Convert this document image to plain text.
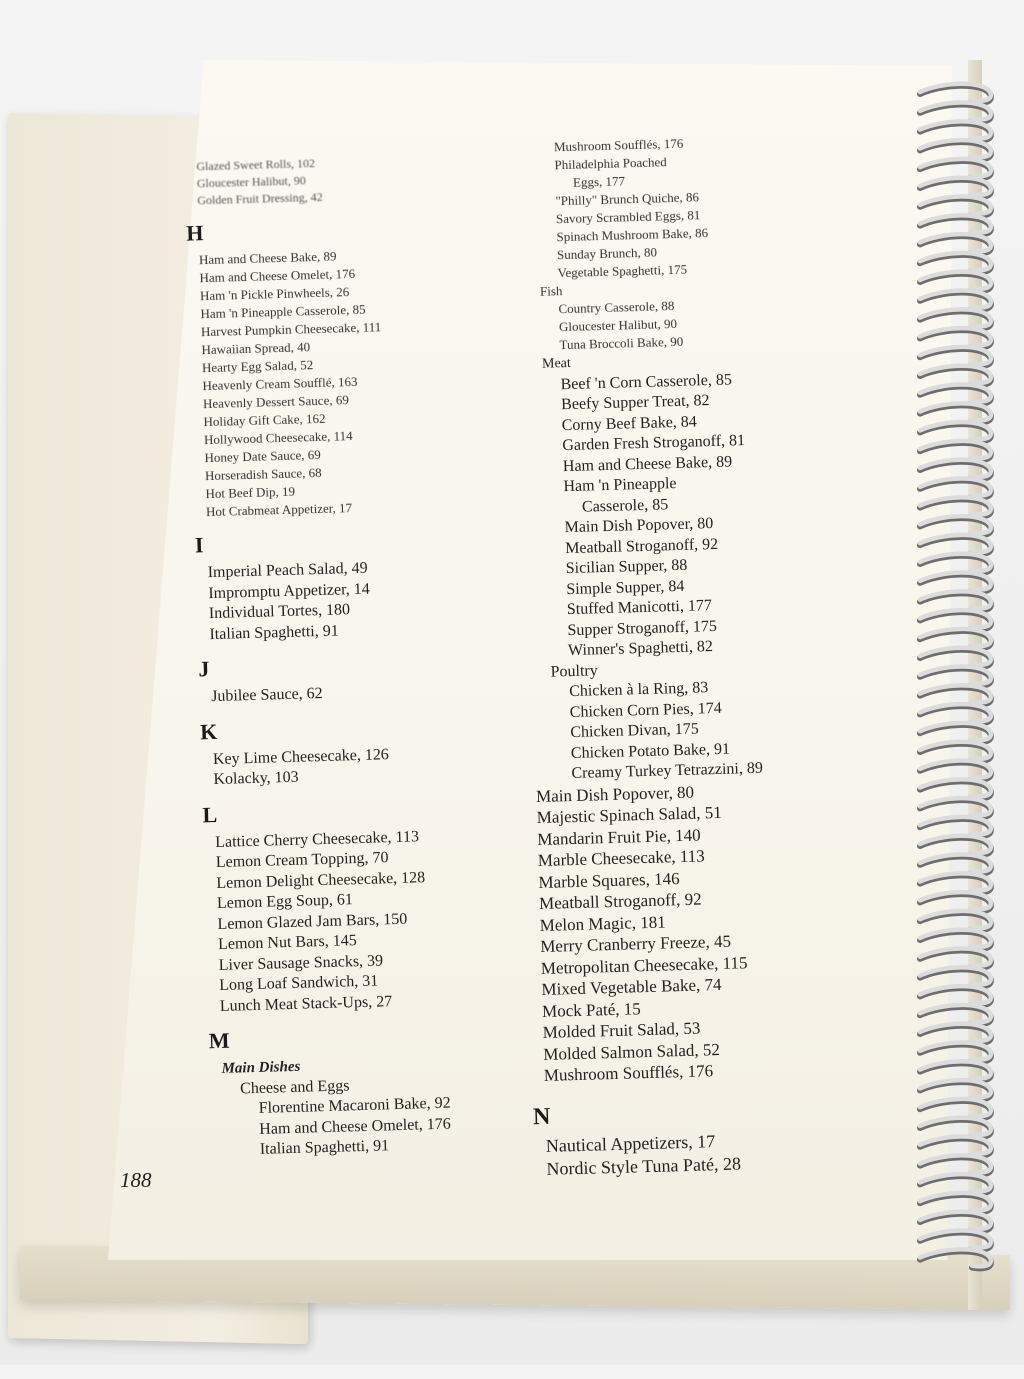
Glazed Sweet Rolls, 102
Gloucester Halibut, 90
Golden Fruit Dressing, 42
H
Ham and Cheese Bake, 89
Ham and Cheese Omelet, 176
Ham 'n Pickle Pinwheels, 26
Ham 'n Pineapple Casserole, 85
Harvest Pumpkin Cheesecake, 111
Hawaiian Spread, 40
Hearty Egg Salad, 52
Heavenly Cream Soufflé, 163
Heavenly Dessert Sauce, 69
Holiday Gift Cake, 162
Hollywood Cheesecake, 114
Honey Date Sauce, 69
Horseradish Sauce, 68
Hot Beef Dip, 19
Hot Crabmeat Appetizer, 17
I
Imperial Peach Salad, 49
Impromptu Appetizer, 14
Individual Tortes, 180
Italian Spaghetti, 91
J
Jubilee Sauce, 62
K
Key Lime Cheesecake, 126
Kolacky, 103
L
Lattice Cherry Cheesecake, 113
Lemon Cream Topping, 70
Lemon Delight Cheesecake, 128
Lemon Egg Soup, 61
Lemon Glazed Jam Bars, 150
Lemon Nut Bars, 145
Liver Sausage Snacks, 39
Long Loaf Sandwich, 31
Lunch Meat Stack-Ups, 27
M
Main Dishes
Cheese and Eggs
Florentine Macaroni Bake, 92
Ham and Cheese Omelet, 176
Italian Spaghetti, 91
Mushroom Soufflés, 176
Philadelphia Poached
Eggs, 177
"Philly" Brunch Quiche, 86
Savory Scrambled Eggs, 81
Spinach Mushroom Bake, 86
Sunday Brunch, 80
Vegetable Spaghetti, 175
Fish
Country Casserole, 88
Gloucester Halibut, 90
Tuna Broccoli Bake, 90
Meat
Beef 'n Corn Casserole, 85
Beefy Supper Treat, 82
Corny Beef Bake, 84
Garden Fresh Stroganoff, 81
Ham and Cheese Bake, 89
Ham 'n Pineapple
Casserole, 85
Main Dish Popover, 80
Meatball Stroganoff, 92
Sicilian Supper, 88
Simple Supper, 84
Stuffed Manicotti, 177
Supper Stroganoff, 175
Winner's Spaghetti, 82
Poultry
Chicken à la Ring, 83
Chicken Corn Pies, 174
Chicken Divan, 175
Chicken Potato Bake, 91
Creamy Turkey Tetrazzini, 89
Main Dish Popover, 80
Majestic Spinach Salad, 51
Mandarin Fruit Pie, 140
Marble Cheesecake, 113
Marble Squares, 146
Meatball Stroganoff, 92
Melon Magic, 181
Merry Cranberry Freeze, 45
Metropolitan Cheesecake, 115
Mixed Vegetable Bake, 74
Mock Paté, 15
Molded Fruit Salad, 53
Molded Salmon Salad, 52
Mushroom Soufflés, 176
N
Nautical Appetizers, 17
Nordic Style Tuna Paté, 28
188
